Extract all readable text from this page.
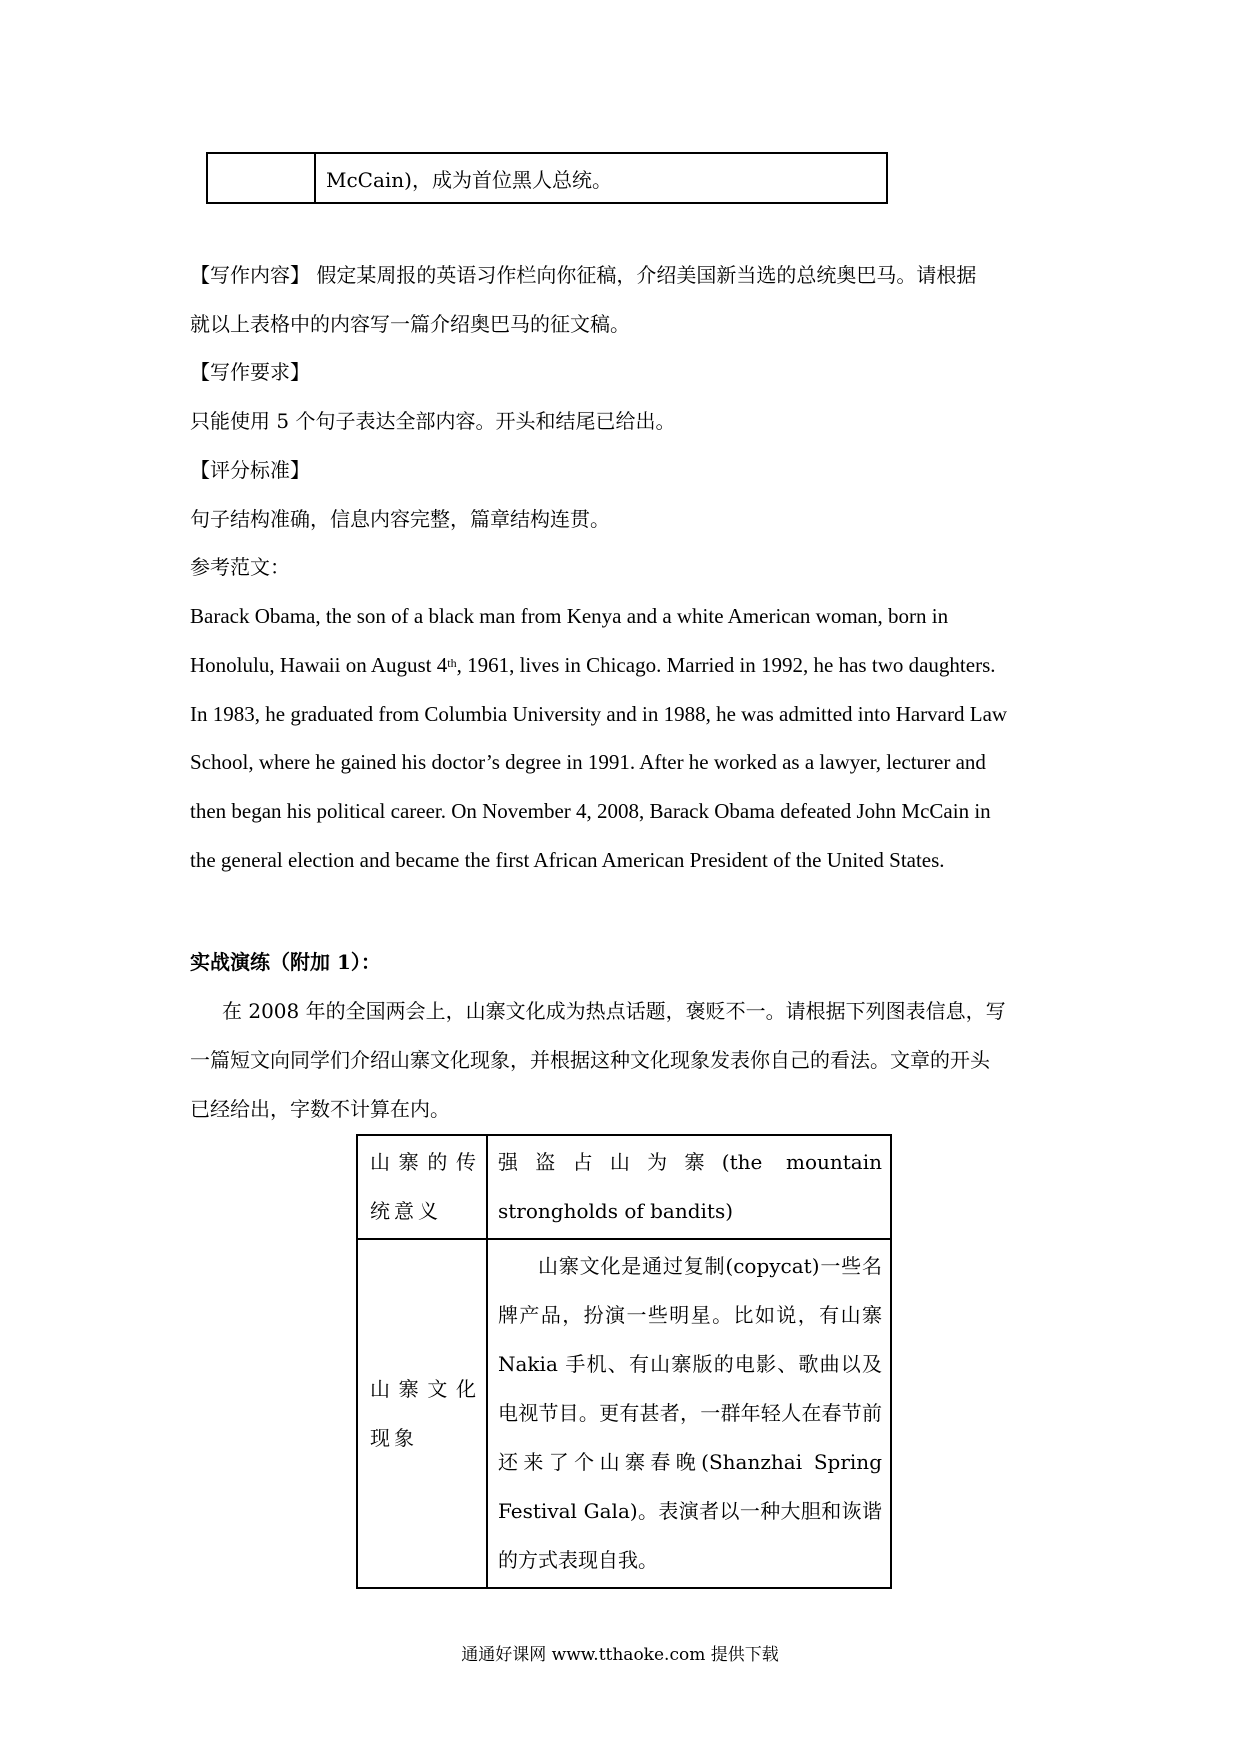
	McCain)，成为首位黑人总统。
【写作内容】 假定某周报的英语习作栏向你征稿，介绍美国新当选的总统奥巴马。请根据
就以上表格中的内容写一篇介绍奥巴马的征文稿。
【写作要求】
只能使用 5 个句子表达全部内容。开头和结尾已给出。
【评分标准】
句子结构准确，信息内容完整，篇章结构连贯。
参考范文：
Barack Obama, the son of a black man from Kenya and a white American woman, born in
Honolulu, Hawaii on August 4th, 1961, lives in Chicago. Married in 1992, he has two daughters.
In 1983, he graduated from Columbia University and in 1988, he was admitted into Harvard Law
School, where he gained his doctor’s degree in 1991. After he worked as a lawyer, lecturer and
then began his political career. On November 4, 2008, Barack Obama defeated John McCain in
the general election and became the first African American President of the United States.
实战演练（附加 1）：
在 2008 年的全国两会上，山寨文化成为热点话题，褒贬不一。请根据下列图表信息，写
一篇短文向同学们介绍山寨文化现象，并根据这种文化现象发表你自己的看法。文章的开头
已经给出，字数不计算在内。
山寨的传统意义	强盗占山为寨(the mountain strongholds of bandits)
山寨文化现象	山寨文化是通过复制(copycat)一些名牌产品，扮演一些明星。比如说，有山寨 Nakia 手机、有山寨版的电影、歌曲以及电视节目。更有甚者，一群年轻人在春节前还来了个山寨春晚(Shanzhai Spring Festival Gala)。表演者以一种大胆和诙谐的方式表现自我。
通通好课网 www.tthaoke.com 提供下载
